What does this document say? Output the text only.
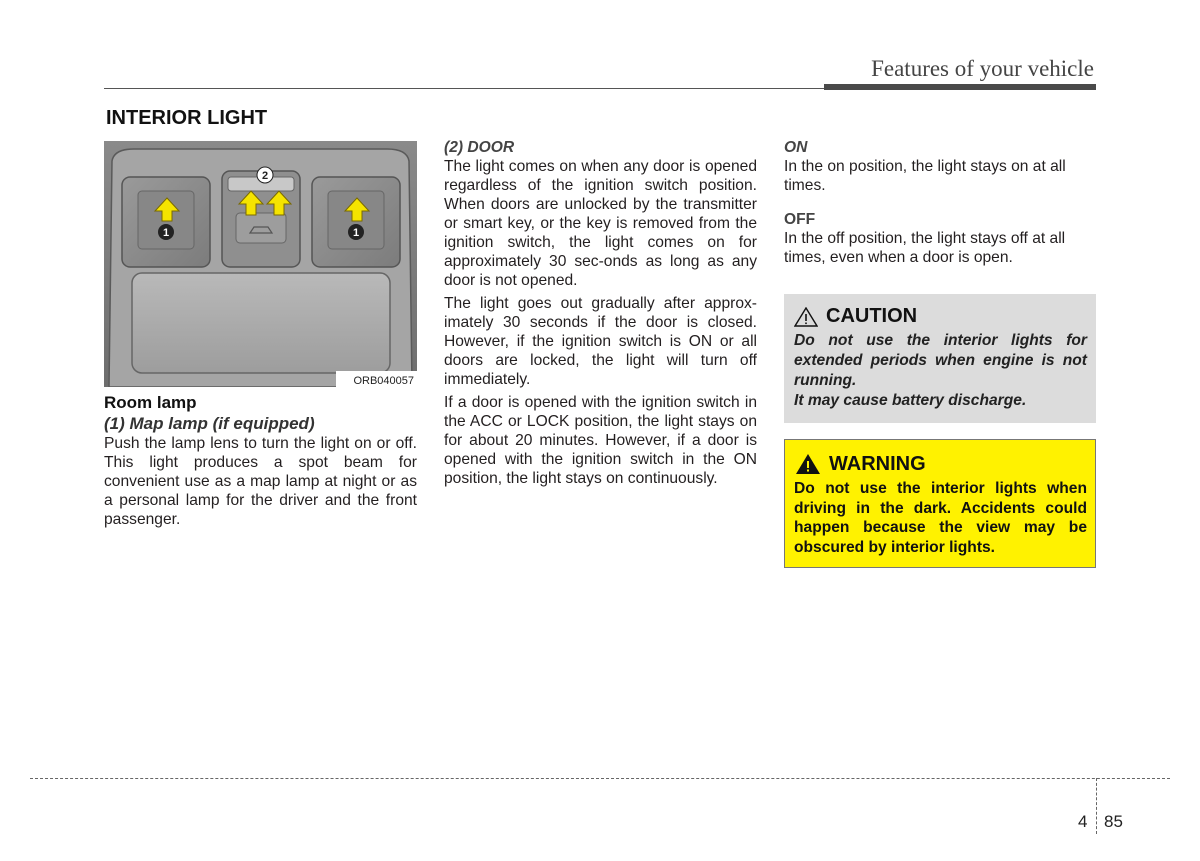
Features of your vehicle
INTERIOR LIGHT
ORB040057
1	1
2

Room lamp

(1) Map lamp (if equipped)

Push the lamp lens to turn the light on or off. This light produces a spot beam for convenient use as a map lamp at night or as a personal lamp for the driver and the front passenger.

(2) DOOR

The light comes on when any door is opened regardless of the ignition switch position. When doors are unlocked by the transmitter or smart key, or the key is removed from the ignition switch, the light comes on for approximately 30 sec-onds as long as any door is not opened.

The light goes out gradually after approx-imately 30 seconds if the door is closed. However, if the ignition switch is ON or all doors are locked, the light will turn off immediately.

If a door is opened with the ignition switch in the ACC or LOCK position, the light stays on for about 20 minutes. However, if a door is opened with the ignition switch in the ON position, the light stays on continuously.

ON

In the on position, the light stays on at all times.

OFF

In the off position, the light stays off at all times, even when a door is open.

CAUTION

Do not use the interior lights for extended periods when engine is not running.

It may cause battery discharge.

WARNING
Do not use the interior lights when driving in the dark. Accidents could happen because the view may be obscured by interior lights.
4 85
